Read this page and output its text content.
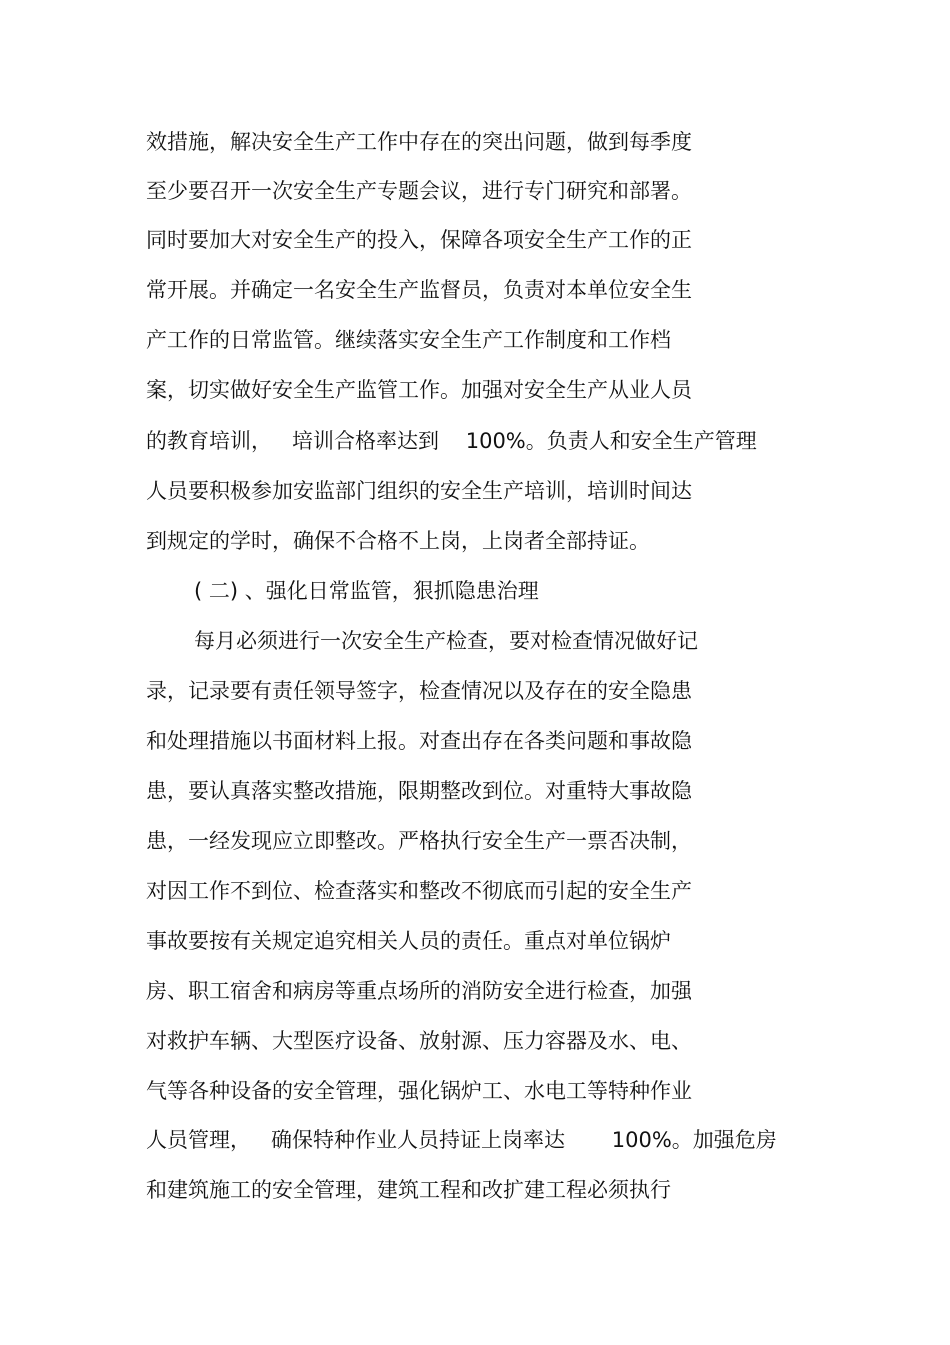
效措施，解决安全生产工作中存在的突出问题，做到每季度
至少要召开一次安全生产专题会议，进行专门研究和部署。
同时要加大对安全生产的投入，保障各项安全生产工作的正
常开展。并确定一名安全生产监督员，负责对本单位安全生
产工作的日常监管。继续落实安全生产工作制度和工作档
案，切实做好安全生产监管工作。加强对安全生产从业人员
的教育培训，   培训合格率达到    100%。负责人和安全生产管理
人员要积极参加安监部门组织的安全生产培训，培训时间达
到规定的学时，确保不合格不上岗，上岗者全部持证。
( 二) 、强化日常监管，狠抓隐患治理
每月必须进行一次安全生产检查，要对检查情况做好记
录，记录要有责任领导签字，检查情况以及存在的安全隐患
和处理措施以书面材料上报。对查出存在各类问题和事故隐
患，要认真落实整改措施，限期整改到位。对重特大事故隐
患，一经发现应立即整改。严格执行安全生产一票否决制，
对因工作不到位、检查落实和整改不彻底而引起的安全生产
事故要按有关规定追究相关人员的责任。重点对单位锅炉
房、职工宿舍和病房等重点场所的消防安全进行检查，加强
对救护车辆、大型医疗设备、放射源、压力容器及水、电、
气等各种设备的安全管理，强化锅炉工、水电工等特种作业
人员管理，   确保特种作业人员持证上岗率达       100%。加强危房
和建筑施工的安全管理，建筑工程和改扩建工程必须执行
